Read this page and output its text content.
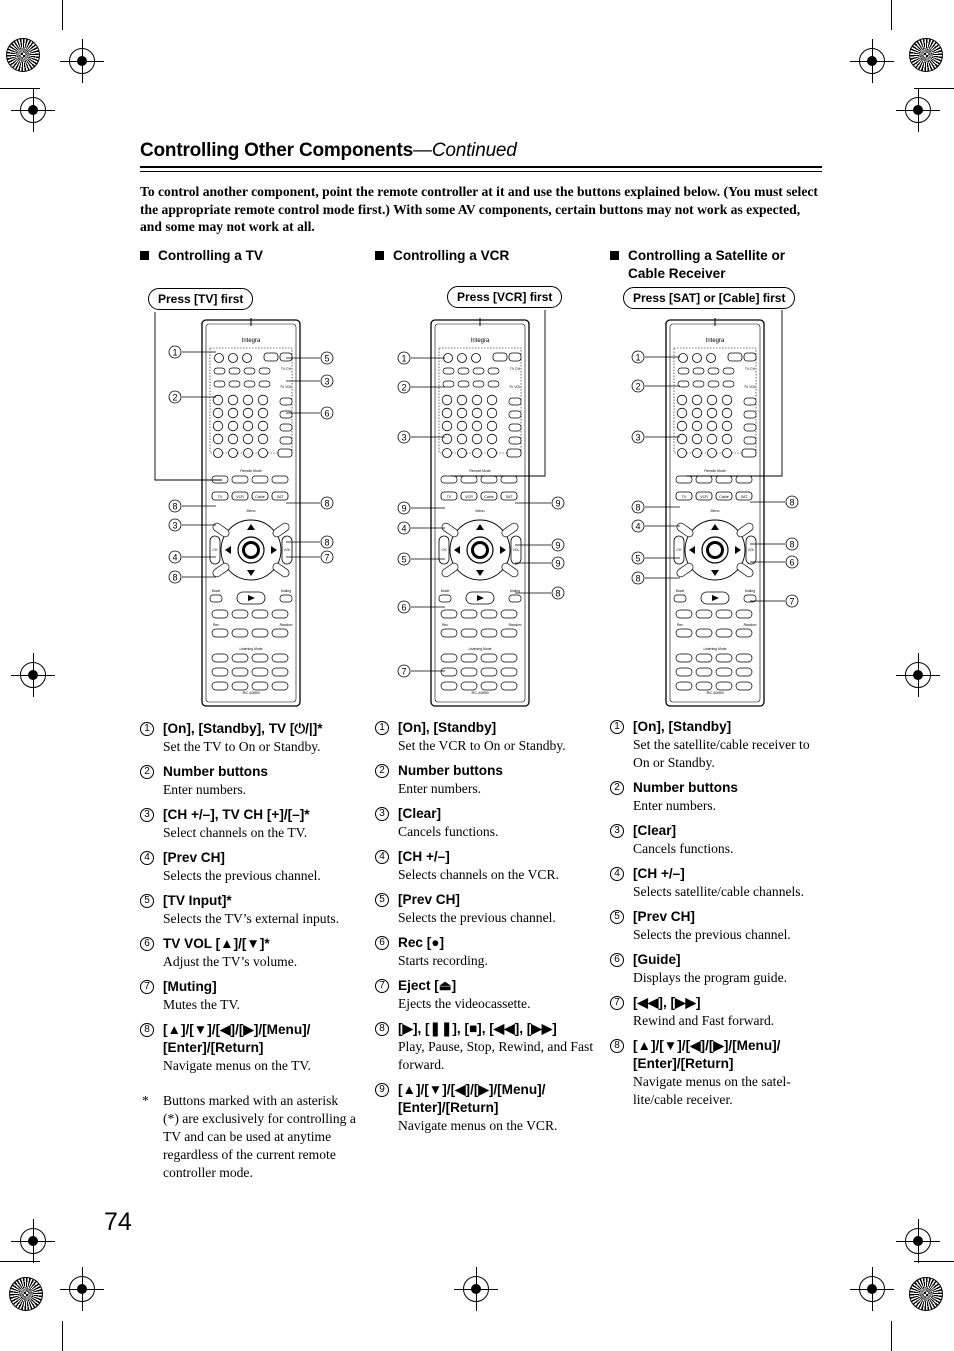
Controlling Other Components—Continued
To control another component, point the remote controller at it and use the buttons explained below. (You must select the appropriate remote control mode first.) With some AV components, certain buttons may not work as expected, and some may not work at all.
Controlling a TV	Controlling a VCR	Controlling a Satellite or Cable Receiver
Press [TV] first	Press [VCR] first	Press [SAT] or [Cable] first
Integra
TV CH
TV VOL
Remote Mode
TV	VCR	Cable	SAT
Menu
CH	VOL
Mode	Muting
Rec	Random
Listening Mode
RC-630M
1
2
8
3
4
8
5
3
6
8
8
7
Integra
TV CH
TV VOL
Remote Mode
TV	VCR	Cable	SAT
Menu
CH	VOL
Mode	Muting
Rec	Random
Listening Mode
RC-630M
1
2
3
9
4
5
6
7
9
9
9
8
Integra
TV CH
TV VOL
Remote Mode
TV	VCR	Cable	SAT
Menu
CH	VOL
Mode	Muting
Rec	Random
Listening Mode
RC-630M
1
2
3
8
4
5
8
8
8
6
7
1 [On], [Standby], TV [⏻/|]*
Set the TV to On or Standby.
2 Number buttons
Enter numbers.
3 [CH +/–], TV CH [+]/[–]*
Select channels on the TV.
4 [Prev CH]
Selects the previous channel.
5 [TV Input]*
Selects the TV’s external inputs.
6 TV VOL [▲]/[▼]*
Adjust the TV’s volume.
7 [Muting]
Mutes the TV.
8 [▲]/[▼]/[◀]/[▶]/[Menu]/ [Enter]/[Return]
Navigate menus on the TV.
1 [On], [Standby]
Set the VCR to On or Standby.
2 Number buttons
Enter numbers.
3 [Clear]
Cancels functions.
4 [CH +/–]
Selects channels on the VCR.
5 [Prev CH]
Selects the previous channel.
6 Rec [●]
Starts recording.
7 Eject [⏏]
Ejects the videocassette.
8 [▶], [❚❚], [■], [◀◀], [▶▶]
Play, Pause, Stop, Rewind, and Fast forward.
9 [▲]/[▼]/[◀]/[▶]/[Menu]/ [Enter]/[Return]
Navigate menus on the VCR.
1 [On], [Standby]
Set the satellite/cable receiver to On or Standby.
2 Number buttons
Enter numbers.
3 [Clear]
Cancels functions.
4 [CH +/–]
Selects satellite/cable channels.
5 [Prev CH]
Selects the previous channel.
6 [Guide]
Displays the program guide.
7 [◀◀], [▶▶]
Rewind and Fast forward.
8 [▲]/[▼]/[◀]/[▶]/[Menu]/ [Enter]/[Return]
Navigate menus on the satel- lite/cable receiver.
*	Buttons marked with an asterisk (*) are exclusively for controlling a TV and can be used at anytime regardless of the current remote controller mode.
74
